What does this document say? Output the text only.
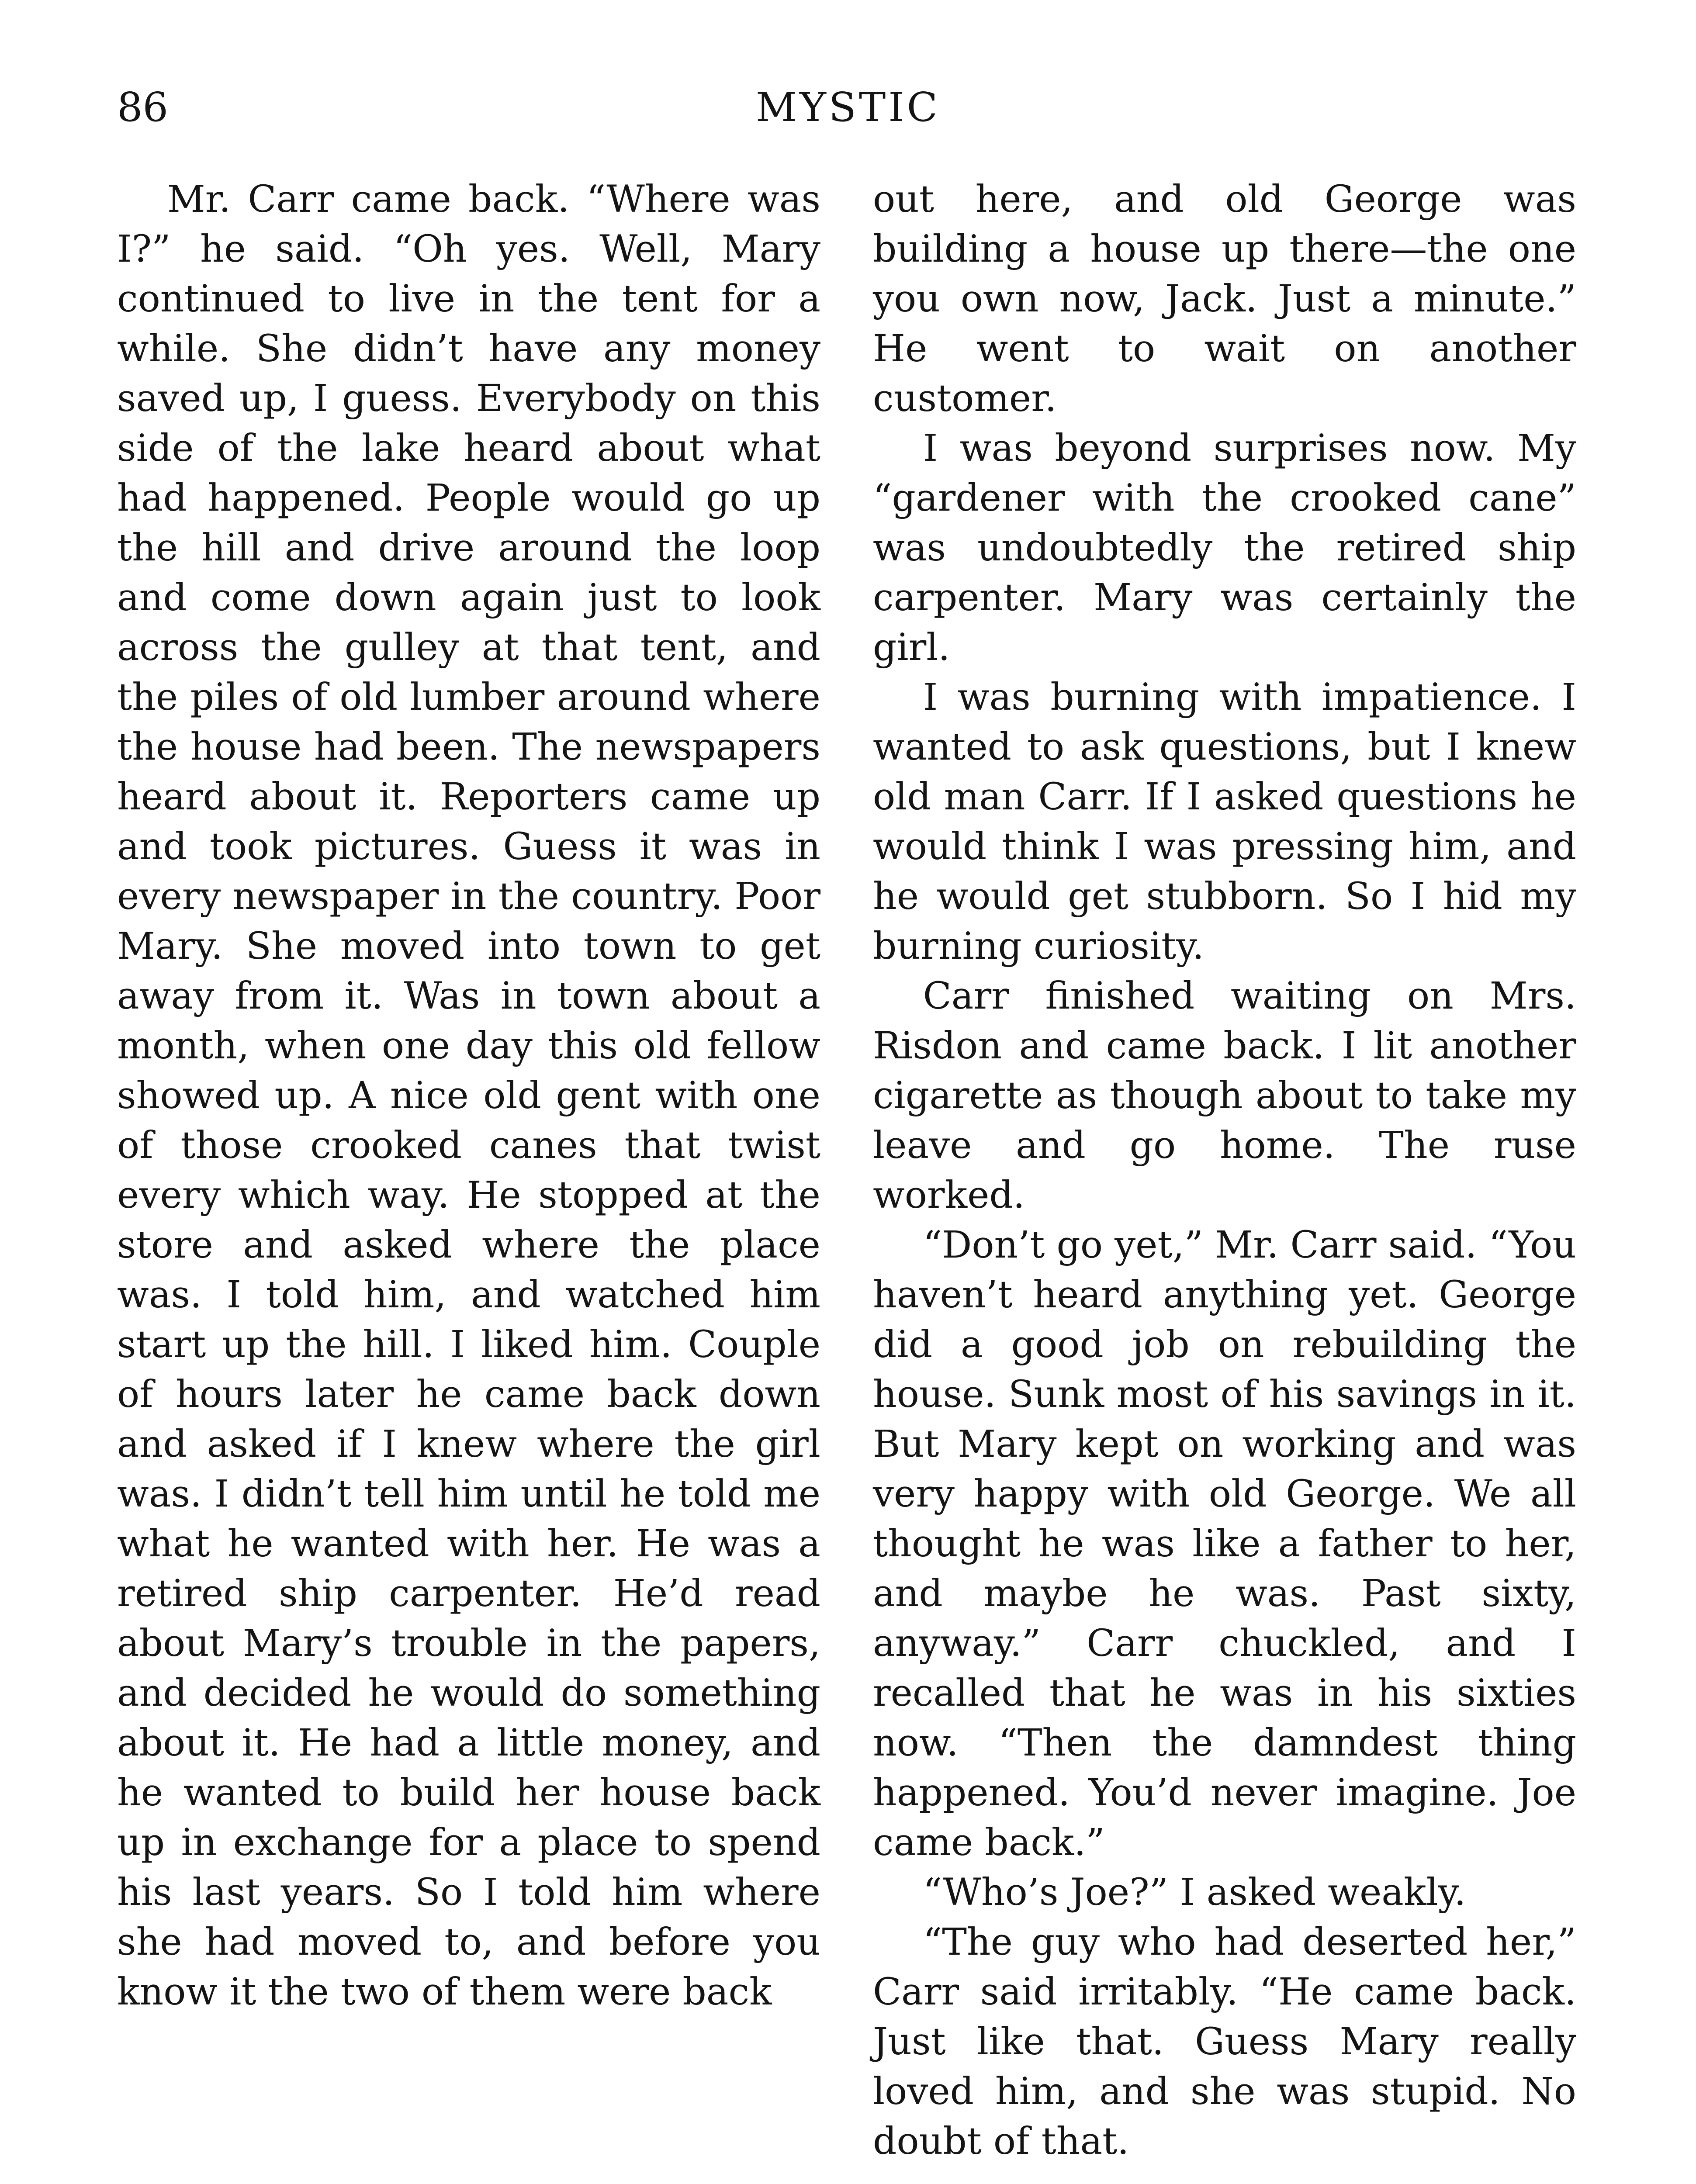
86	MYSTIC

Mr. Carr came back. “Where was I?” he said. “Oh yes. Well, Mary continued to live in the tent for a while. She didn’t have any money saved up, I guess. Everybody on this side of the lake heard about what had happened. People would go up the hill and drive around the loop and come down again just to look across the gulley at that tent, and the piles of old lumber around where the house had been. The newspapers heard about it. Reporters came up and took pictures. Guess it was in every newspaper in the country. Poor Mary. She moved into town to get away from it. Was in town about a month, when one day this old fellow showed up. A nice old gent with one of those crooked canes that twist every which way. He stopped at the store and asked where the place was. I told him, and watched him start up the hill. I liked him. Couple of hours later he came back down and asked if I knew where the girl was. I didn’t tell him until he told me what he wanted with her. He was a retired ship carpenter. He’d read about Mary’s trouble in the papers, and decided he would do something about it. He had a little money, and he wanted to build her house back up in exchange for a place to spend his last years. So I told him where she had moved to, and before you know it the two of them were back

out here, and old George was building a house up there—the one you own now, Jack. Just a minute.” He went to wait on another customer.

I was beyond surprises now. My “gardener with the crooked cane” was undoubtedly the retired ship carpenter. Mary was certainly the girl.

I was burning with impatience. I wanted to ask questions, but I knew old man Carr. If I asked questions he would think I was pressing him, and he would get stubborn. So I hid my burning curiosity.

Carr finished waiting on Mrs. Risdon and came back. I lit another cigarette as though about to take my leave and go home. The ruse worked.

“Don’t go yet,” Mr. Carr said. “You haven’t heard anything yet. George did a good job on rebuilding the house. Sunk most of his savings in it. But Mary kept on working and was very happy with old George. We all thought he was like a father to her, and maybe he was. Past sixty, anyway.” Carr chuckled, and I recalled that he was in his sixties now. “Then the damndest thing happened. You’d never imagine. Joe came back.”

“Who’s Joe?” I asked weakly.

“The guy who had deserted her,” Carr said irritably. “He came back. Just like that. Guess Mary really loved him, and she was stupid. No doubt of that.
